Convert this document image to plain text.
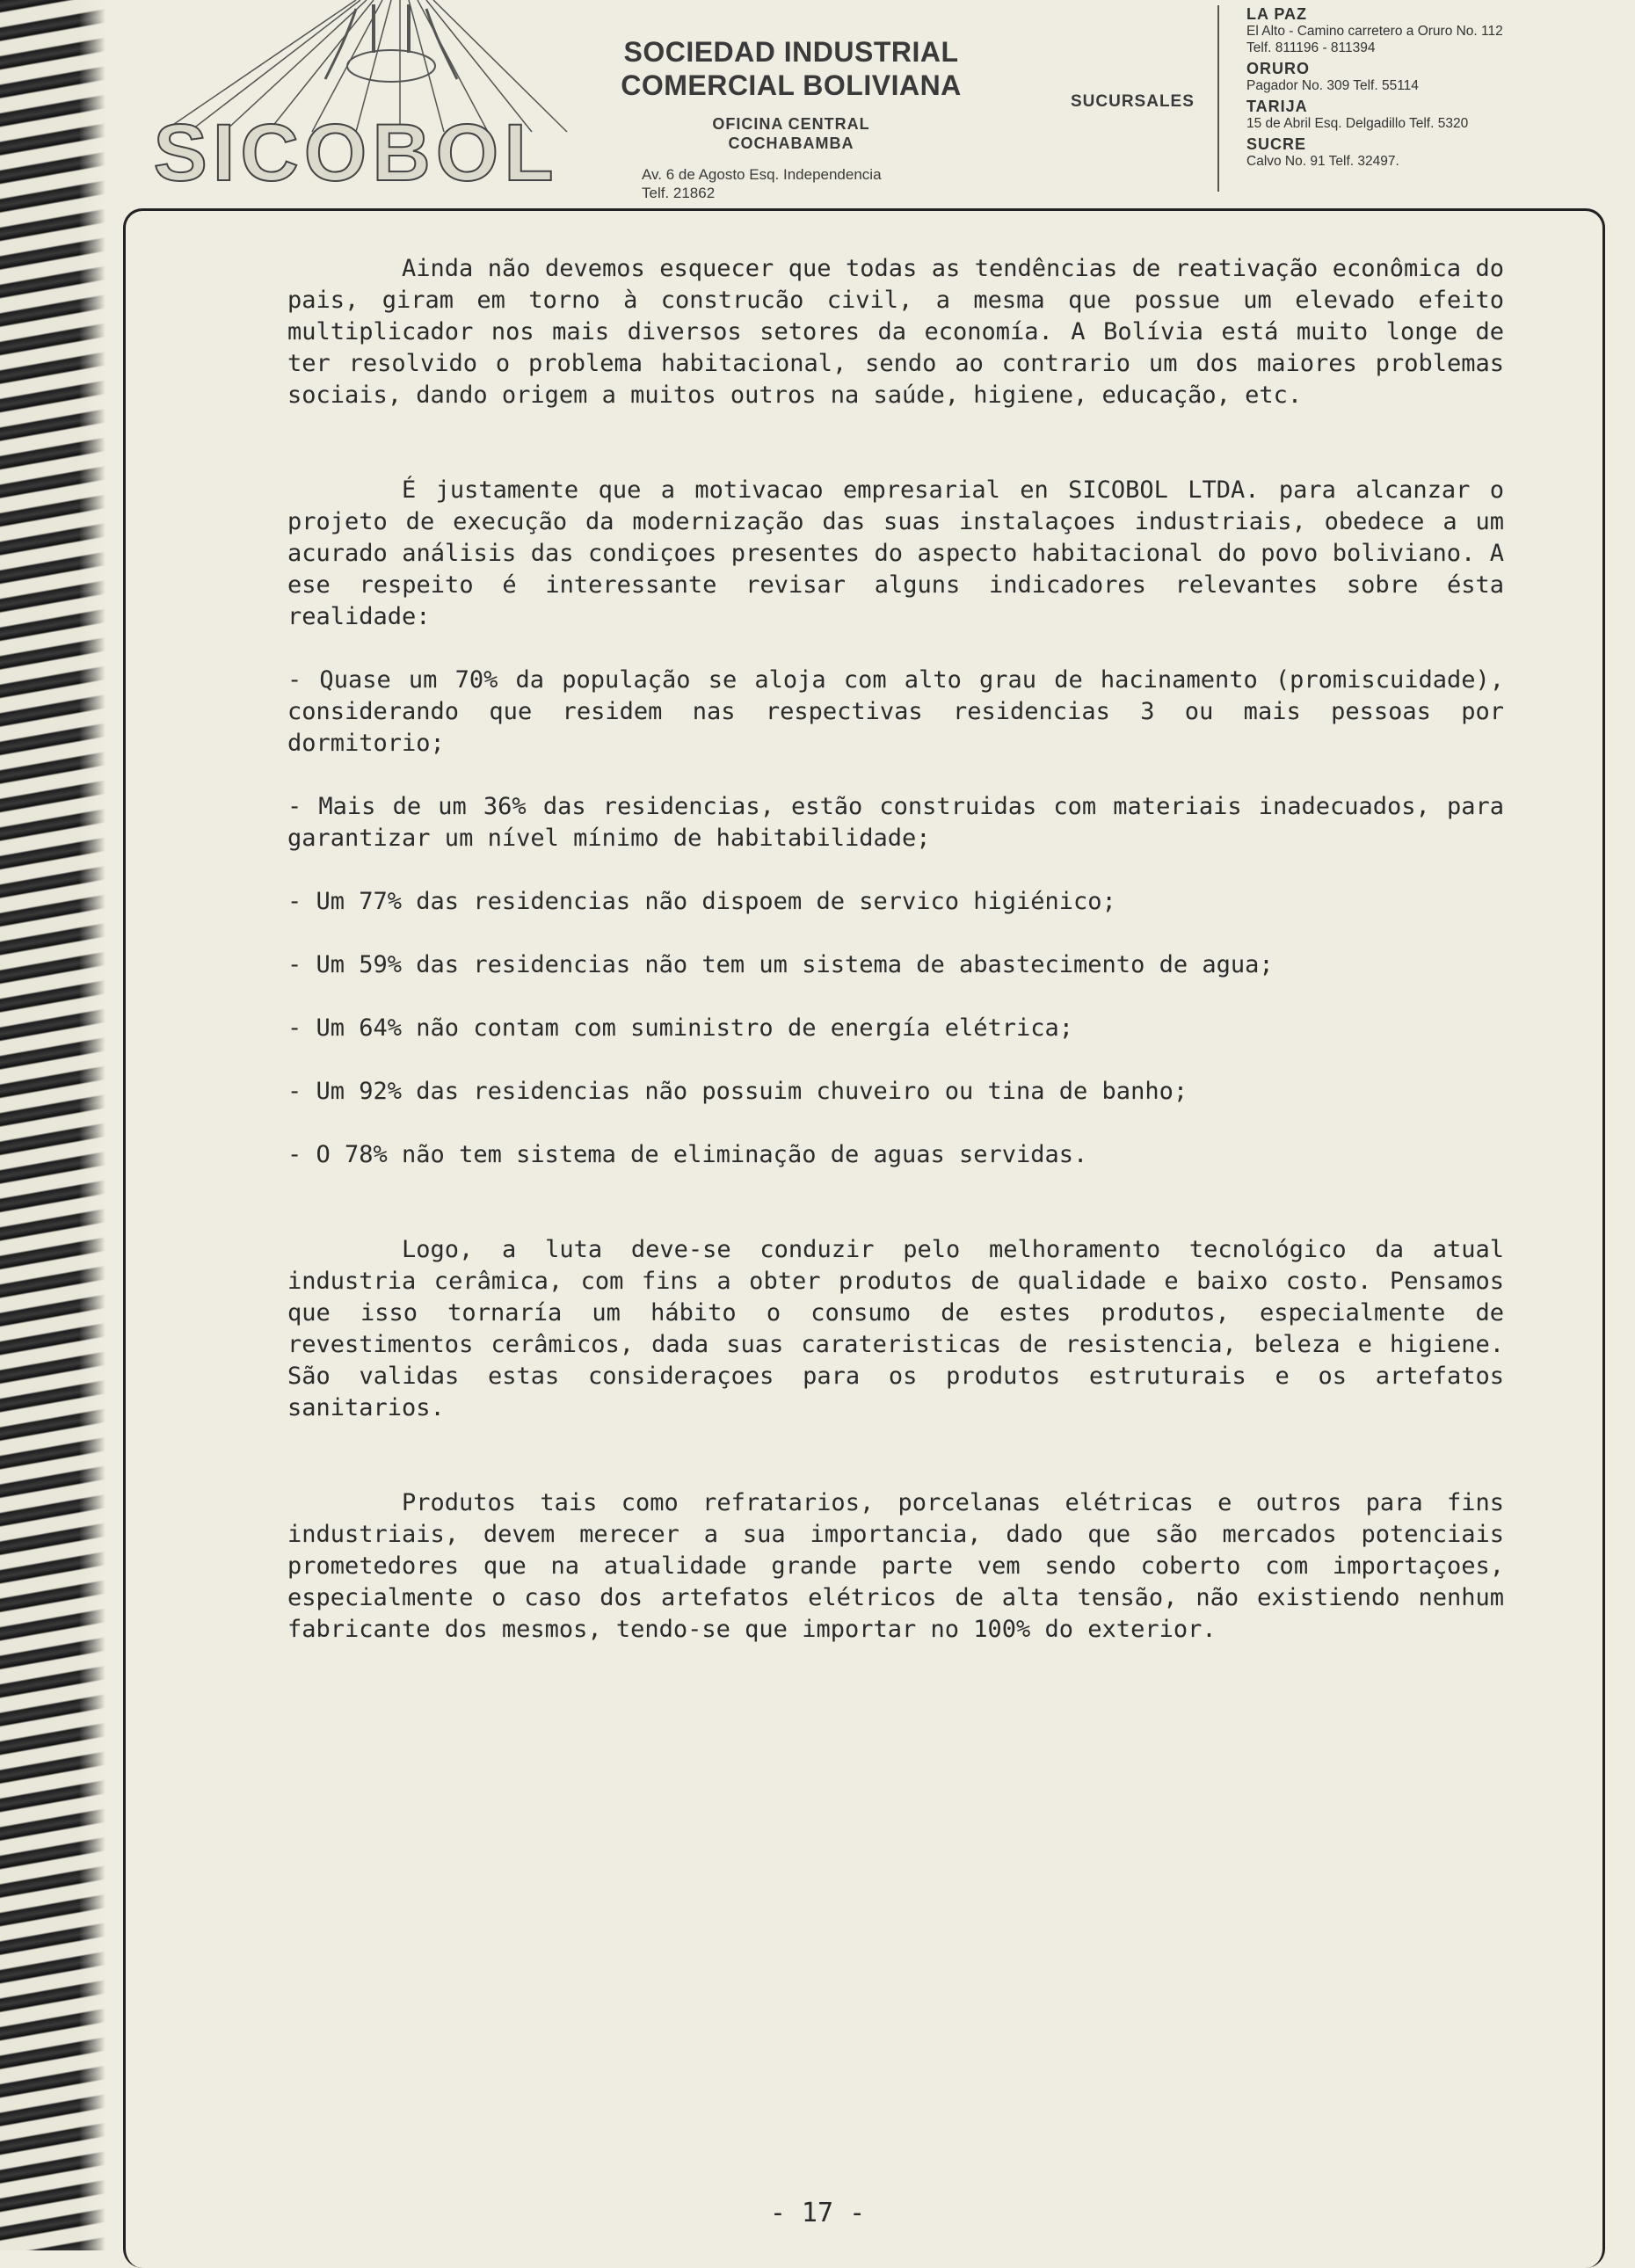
SICOBOL
SOCIEDAD INDUSTRIAL
COMERCIAL BOLIVIANA
OFICINA CENTRAL
COCHABAMBA
Av. 6 de Agosto Esq. Independencia
Telf. 21862
SUCURSALES
LA PAZ
El Alto - Camino carretero a Oruro No. 112
Telf. 811196 - 811394
ORURO
Pagador No. 309 Telf. 55114
TARIJA
15 de Abril Esq. Delgadillo Telf. 5320
SUCRE
Calvo No. 91 Telf. 32497.

Ainda não devemos esquecer que todas as tendências de reativação econômica do pais, giram em torno à construcão civil, a mesma que possue um elevado efeito multiplicador nos mais diversos setores da economía. A Bolívia está muito longe de ter resolvido o problema habitacional, sendo ao contrario um dos maiores problemas sociais, dando origem a muitos outros na saúde, higiene, educação, etc.

É justamente que a motivacao empresarial en SICOBOL LTDA. para alcanzar o projeto de execução da modernização das suas instalaçoes industriais, obedece a um acurado análisis das condiçoes presentes do aspecto habitacional do povo boliviano. A ese respeito é interessante revisar alguns indicadores relevantes sobre ésta realidade:

- Quase um 70% da população se aloja com alto grau de hacinamento (promiscuidade), considerando que residem nas respectivas residencias 3 ou mais pessoas por dormitorio;

- Mais de um 36% das residencias, estão construidas com materiais inadecuados, para garantizar um nível mínimo de habitabilidade;

- Um 77% das residencias não dispoem de servico higiénico;

- Um 59% das residencias não tem um sistema de abastecimento de agua;

- Um 64% não contam com suministro de energía elétrica;

- Um 92% das residencias não possuim chuveiro ou tina de banho;

- O 78% não tem sistema de eliminação de aguas servidas.

Logo, a luta deve-se conduzir pelo melhoramento tecnológico da atual industria cerâmica, com fins a obter produtos de qualidade e baixo costo. Pensamos que isso tornaría um hábito o consumo de estes produtos, especialmente de revestimentos cerâmicos, dada suas carateristicas de resistencia, beleza e higiene. São validas estas consideraçoes para os produtos estruturais e os artefatos sanitarios.

Produtos tais como refratarios, porcelanas elétricas e outros para fins industriais, devem merecer a sua importancia, dado que são mercados potenciais prometedores que na atualidade grande parte vem sendo coberto com importaçoes, especialmente o caso dos artefatos elétricos de alta tensão, não existiendo nenhum fabricante dos mesmos, tendo-se que importar no 100% do exterior.

- 17 -
